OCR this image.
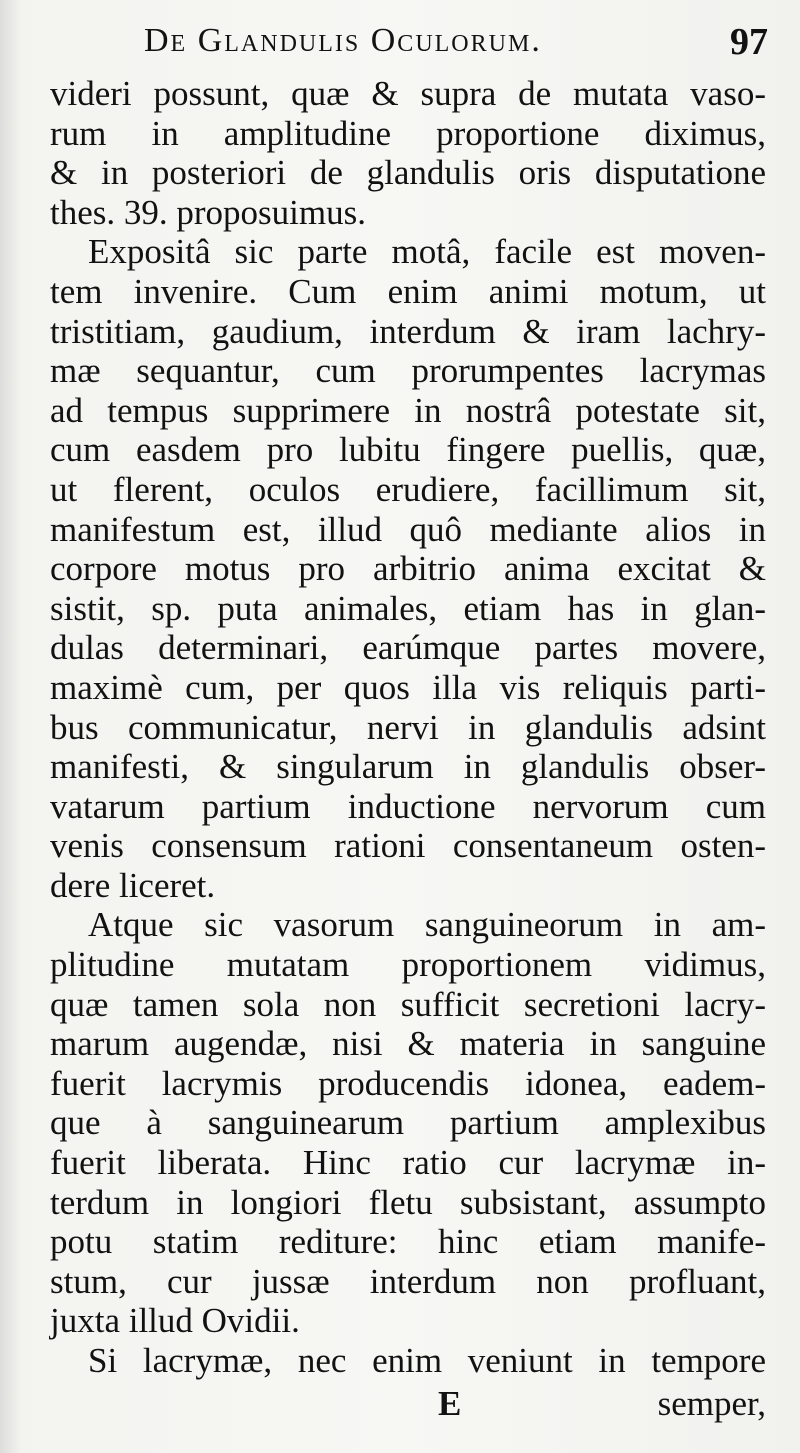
De Glandulis Oculorum.	97
videri possunt, quæ & supra de mutata vaso-
rum in amplitudine proportione diximus,
& in posteriori de glandulis oris disputatione
thes. 39. proposuimus.
Expositâ sic parte motâ, facile est moven-
tem invenire. Cum enim animi motum, ut
tristitiam, gaudium, interdum & iram lachry-
mæ sequantur, cum prorumpentes lacrymas
ad tempus supprimere in nostrâ potestate sit,
cum easdem pro lubitu fingere puellis, quæ,
ut flerent, oculos erudiere, facillimum sit,
manifestum est, illud quô mediante alios in
corpore motus pro arbitrio anima excitat &
sistit, sp. puta animales, etiam has in glan-
dulas determinari, earúmque partes movere,
maximè cum, per quos illa vis reliquis parti-
bus communicatur, nervi in glandulis adsint
manifesti, & singularum in glandulis obser-
vatarum partium inductione nervorum cum
venis consensum rationi consentaneum osten-
dere liceret.
Atque sic vasorum sanguineorum in am-
plitudine mutatam proportionem vidimus,
quæ tamen sola non sufficit secretioni lacry-
marum augendæ, nisi & materia in sanguine
fuerit lacrymis producendis idonea, eadem-
que à sanguinearum partium amplexibus
fuerit liberata. Hinc ratio cur lacrymæ in-
terdum in longiori fletu subsistant, assumpto
potu statim rediture: hinc etiam manife-
stum, cur jussæ interdum non profluant,
juxta illud Ovidii.
Si lacrymæ, nec enim veniunt in tempore
E	semper,
